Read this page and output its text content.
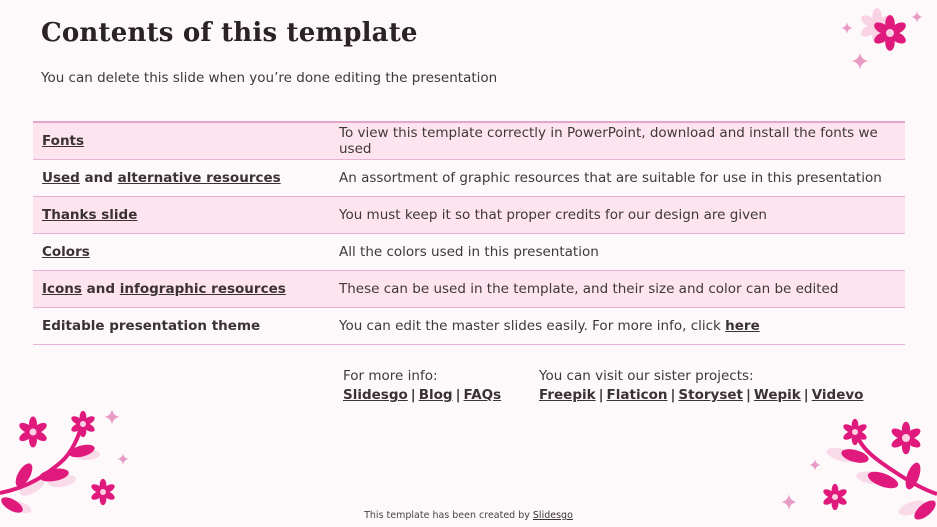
Contents of this template
You can delete this slide when you’re done editing the presentation
Fonts	To view this template correctly in PowerPoint, download and install the fonts we used
Used and alternative resources	An assortment of graphic resources that are suitable for use in this presentation
Thanks slide	You must keep it so that proper credits for our design are given
Colors	All the colors used in this presentation
Icons and infographic resources	These can be used in the template, and their size and color can be edited
Editable presentation theme	You can edit the master slides easily. For more info, click here
For more info:
Slidesgo | Blog | FAQs
You can visit our sister projects:
Freepik | Flaticon | Storyset | Wepik | Videvo
This template has been created by Slidesgo
